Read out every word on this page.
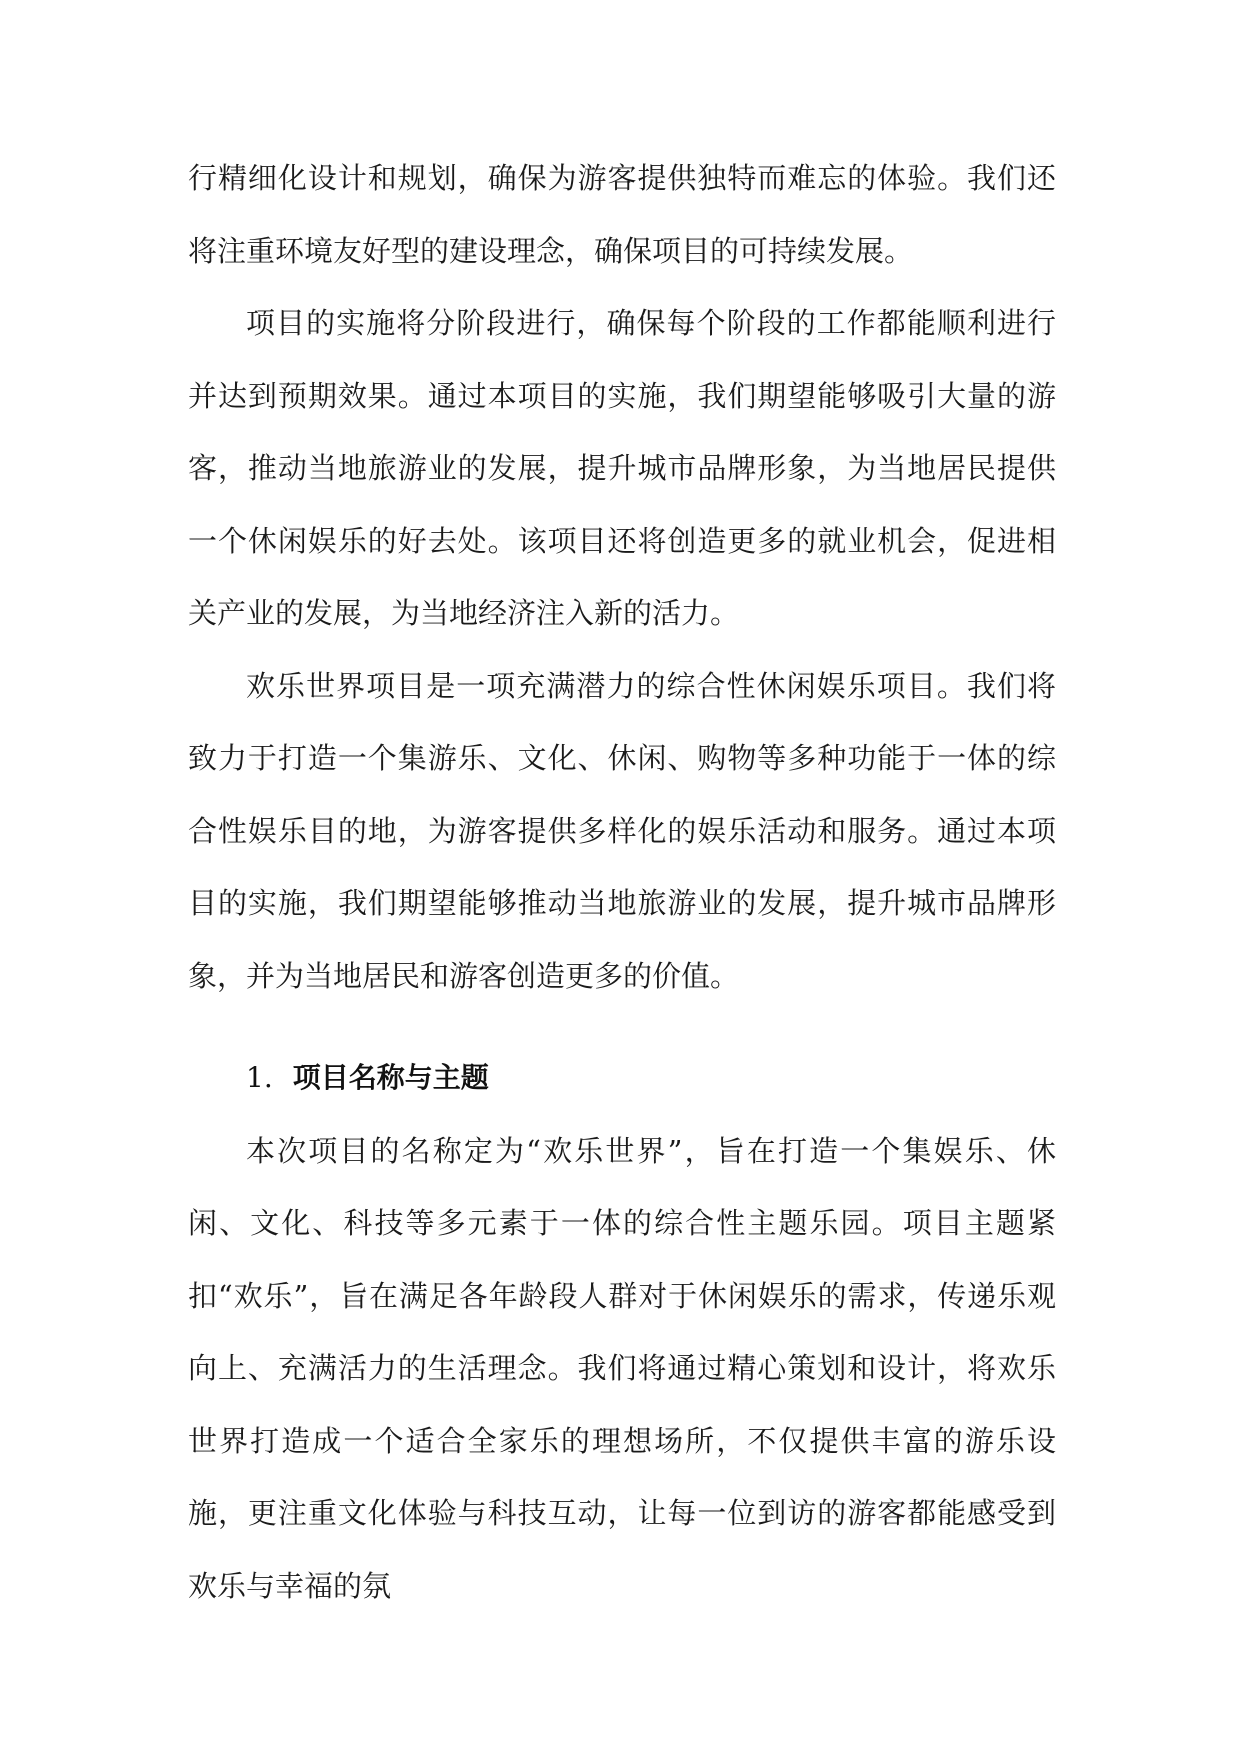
行精细化设计和规划，确保为游客提供独特而难忘的体验。我们还将注重环境友好型的建设理念，确保项目的可持续发展。

项目的实施将分阶段进行，确保每个阶段的工作都能顺利进行并达到预期效果。通过本项目的实施，我们期望能够吸引大量的游客，推动当地旅游业的发展，提升城市品牌形象，为当地居民提供一个休闲娱乐的好去处。该项目还将创造更多的就业机会，促进相关产业的发展，为当地经济注入新的活力。

欢乐世界项目是一项充满潜力的综合性休闲娱乐项目。我们将致力于打造一个集游乐、文化、休闲、购物等多种功能于一体的综合性娱乐目的地，为游客提供多样化的娱乐活动和服务。通过本项目的实施，我们期望能够推动当地旅游业的发展，提升城市品牌形象，并为当地居民和游客创造更多的价值。

1. 项目名称与主题

本次项目的名称定为“欢乐世界”，旨在打造一个集娱乐、休闲、文化、科技等多元素于一体的综合性主题乐园。项目主题紧扣“欢乐”，旨在满足各年龄段人群对于休闲娱乐的需求，传递乐观向上、充满活力的生活理念。我们将通过精心策划和设计，将欢乐世界打造成一个适合全家乐的理想场所，不仅提供丰富的游乐设施，更注重文化体验与科技互动，让每一位到访的游客都能感受到欢乐与幸福的氛
